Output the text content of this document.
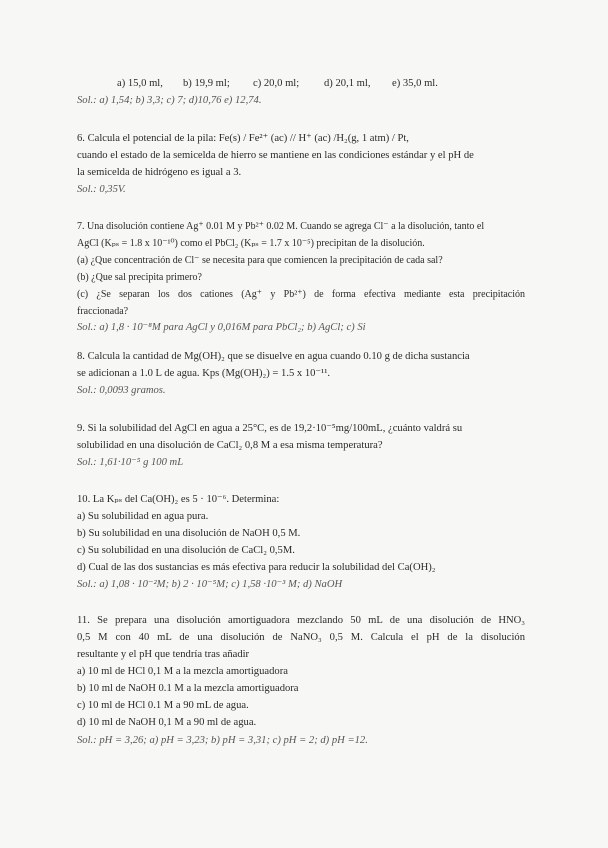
a) 15,0 ml, b) 19,9 ml; c) 20,0 ml; d) 20,1 ml, e) 35,0 ml.
Sol.: a) 1,54; b) 3,3; c) 7; d)10,76 e) 12,74.
6. Calcula el potencial de la pila: Fe(s) / Fe²⁺ (ac) // H⁺ (ac) /H₂(g, 1 atm) / Pt,
cuando el estado de la semicelda de hierro se mantiene en las condiciones estándar y el pH de
la semicelda de hidrógeno es igual a 3.
Sol.: 0,35V.
7. Una disolución contiene Ag⁺ 0.01 M y Pb²⁺ 0.02 M. Cuando se agrega Cl⁻ a la disolución, tanto el
AgCl (Kₚₛ = 1.8 x 10⁻¹⁰) como el PbCl₂ (Kₚₛ = 1.7 x 10⁻⁵) precipitan de la disolución.
(a) ¿Que concentración de Cl⁻ se necesita para que comiencen la precipitación de cada sal?
(b) ¿Que sal precipita primero?
(c) ¿Se separan los dos cationes (Ag⁺ y Pb²⁺) de forma efectiva mediante esta precipitación
fraccionada?
Sol.: a) 1,8 · 10⁻⁸M para AgCl y 0,016M para PbCl₂; b) AgCl; c) Si
8. Calcula la cantidad de Mg(OH)₂ que se disuelve en agua cuando 0.10 g de dicha sustancia
se adicionan a 1.0 L de agua. Kps (Mg(OH)₂) = 1.5 x 10⁻¹¹.
Sol.: 0,0093 gramos.
9. Si la solubilidad del AgCl en agua a 25°C, es de 19,2·10⁻⁵mg/100mL, ¿cuánto valdrá su
solubilidad en una disolución de CaCl₂ 0,8 M a esa misma temperatura?
Sol.: 1,61·10⁻⁵ g 100 mL
10. La Kₚₛ del Ca(OH)₂ es 5 · 10⁻⁶. Determina:
a) Su solubilidad en agua pura.
b) Su solubilidad en una disolución de NaOH 0,5 M.
c) Su solubilidad en una disolución de CaCl₂ 0,5M.
d) Cual de las dos sustancias es más efectiva para reducir la solubilidad del Ca(OH)₂
Sol.: a) 1,08 · 10⁻²M; b) 2 · 10⁻⁵M; c) 1,58 ·10⁻³ M; d) NaOH
11. Se prepara una disolución amortiguadora mezclando 50 mL de una disolución de HNO₃
0,5 M con 40 mL de una disolución de NaNO₃ 0,5 M. Calcula el pH de la disolución
resultante y el pH que tendría tras añadir
a) 10 ml de HCl 0,1 M a la mezcla amortiguadora
b) 10 ml de NaOH 0.1 M a la mezcla amortiguadora
c) 10 ml de HCl 0.1 M a 90 mL de agua.
d) 10 ml de NaOH 0,1 M a 90 ml de agua.
Sol.: pH = 3,26; a) pH = 3,23; b) pH = 3,31; c) pH = 2; d) pH =12.
